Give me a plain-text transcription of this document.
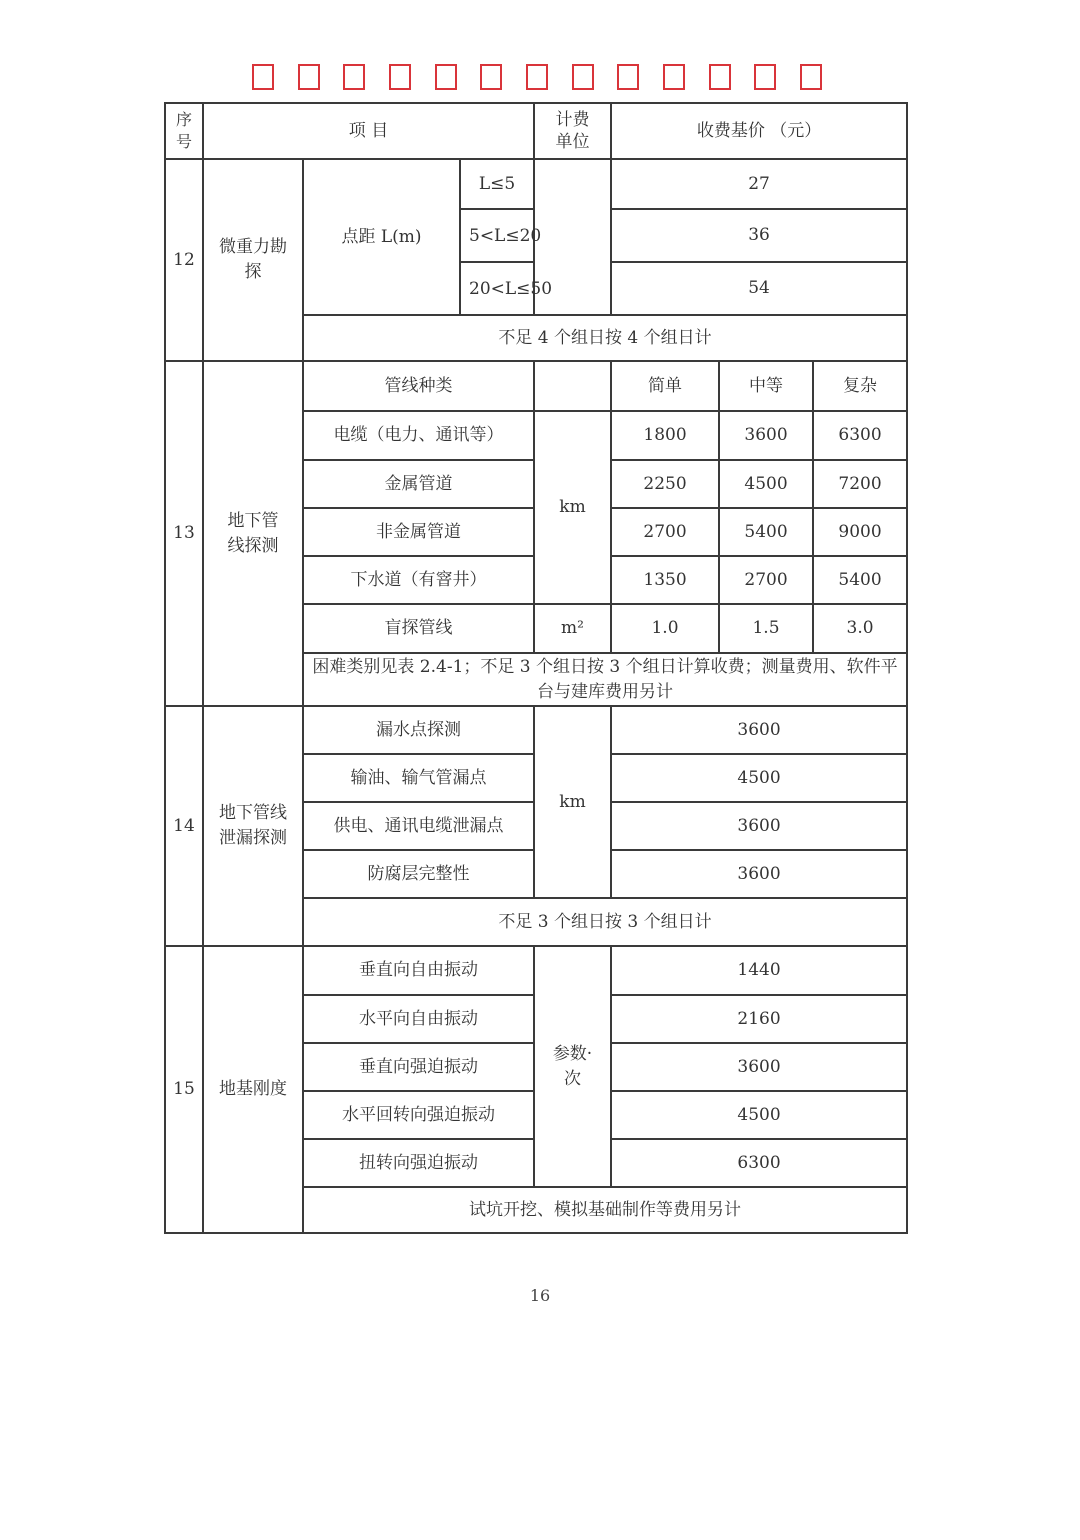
序号	项 目			计费单位	收费基价 （元）		
12	微重力勘探	点距 L(m)	L≤5		27		
			5<L≤20		36		
			20<L≤50		54		
		不足 4 个组日按 4 个组日计					
13	地下管线探测	管线种类			简单	中等	复杂
		电缆（电力、通讯等）		km	1800	3600	6300
		金属管道			2250	4500	7200
		非金属管道			2700	5400	9000
		下水道（有窨井）			1350	2700	5400
		盲探管线		m²	1.0	1.5	3.0
		困难类别见表 2.4-1；不足 3 个组日按 3 个组日计算收费；测量费用、软件平台与建库费用另计					
14	地下管线泄漏探测	漏水点探测		km	3600		
		输油、输气管漏点			4500		
		供电、通讯电缆泄漏点			3600		
		防腐层完整性			3600		
		不足 3 个组日按 3 个组日计					
15	地基刚度	垂直向自由振动		参数·次	1440		
		水平向自由振动			2160		
		垂直向强迫振动			3600		
		水平回转向强迫振动			4500		
		扭转向强迫振动			6300		
		试坑开挖、模拟基础制作等费用另计					
16
